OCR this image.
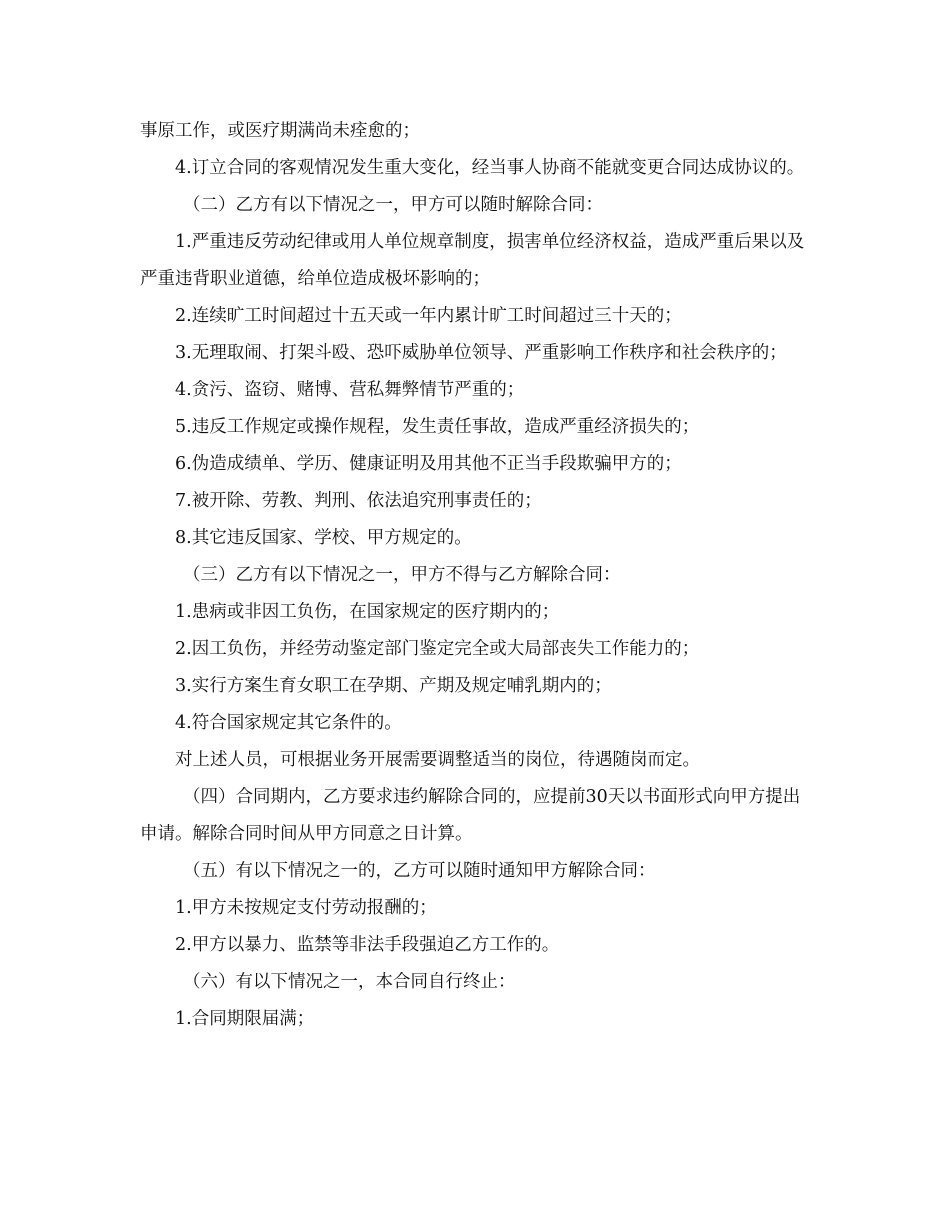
事原工作，或医疗期满尚未痊愈的；

4.订立合同的客观情况发生重大变化，经当事人协商不能就变更合同达成协议的。

（二）乙方有以下情况之一，甲方可以随时解除合同：

1.严重违反劳动纪律或用人单位规章制度，损害单位经济权益，造成严重后果以及严重违背职业道德，给单位造成极坏影响的；

2.连续旷工时间超过十五天或一年内累计旷工时间超过三十天的；

3.无理取闹、打架斗殴、恐吓威胁单位领导、严重影响工作秩序和社会秩序的；

4.贪污、盗窃、赌博、营私舞弊情节严重的；

5.违反工作规定或操作规程，发生责任事故，造成严重经济损失的；

6.伪造成绩单、学历、健康证明及用其他不正当手段欺骗甲方的；

7.被开除、劳教、判刑、依法追究刑事责任的；

8.其它违反国家、学校、甲方规定的。

（三）乙方有以下情况之一，甲方不得与乙方解除合同：

1.患病或非因工负伤，在国家规定的医疗期内的；

2.因工负伤，并经劳动鉴定部门鉴定完全或大局部丧失工作能力的；

3.实行方案生育女职工在孕期、产期及规定哺乳期内的；

4.符合国家规定其它条件的。

对上述人员，可根据业务开展需要调整适当的岗位，待遇随岗而定。

（四）合同期内，乙方要求违约解除合同的，应提前30天以书面形式向甲方提出申请。解除合同时间从甲方同意之日计算。

（五）有以下情况之一的，乙方可以随时通知甲方解除合同：

1.甲方未按规定支付劳动报酬的；

2.甲方以暴力、监禁等非法手段强迫乙方工作的。

（六）有以下情况之一，本合同自行终止：

1.合同期限届满；
